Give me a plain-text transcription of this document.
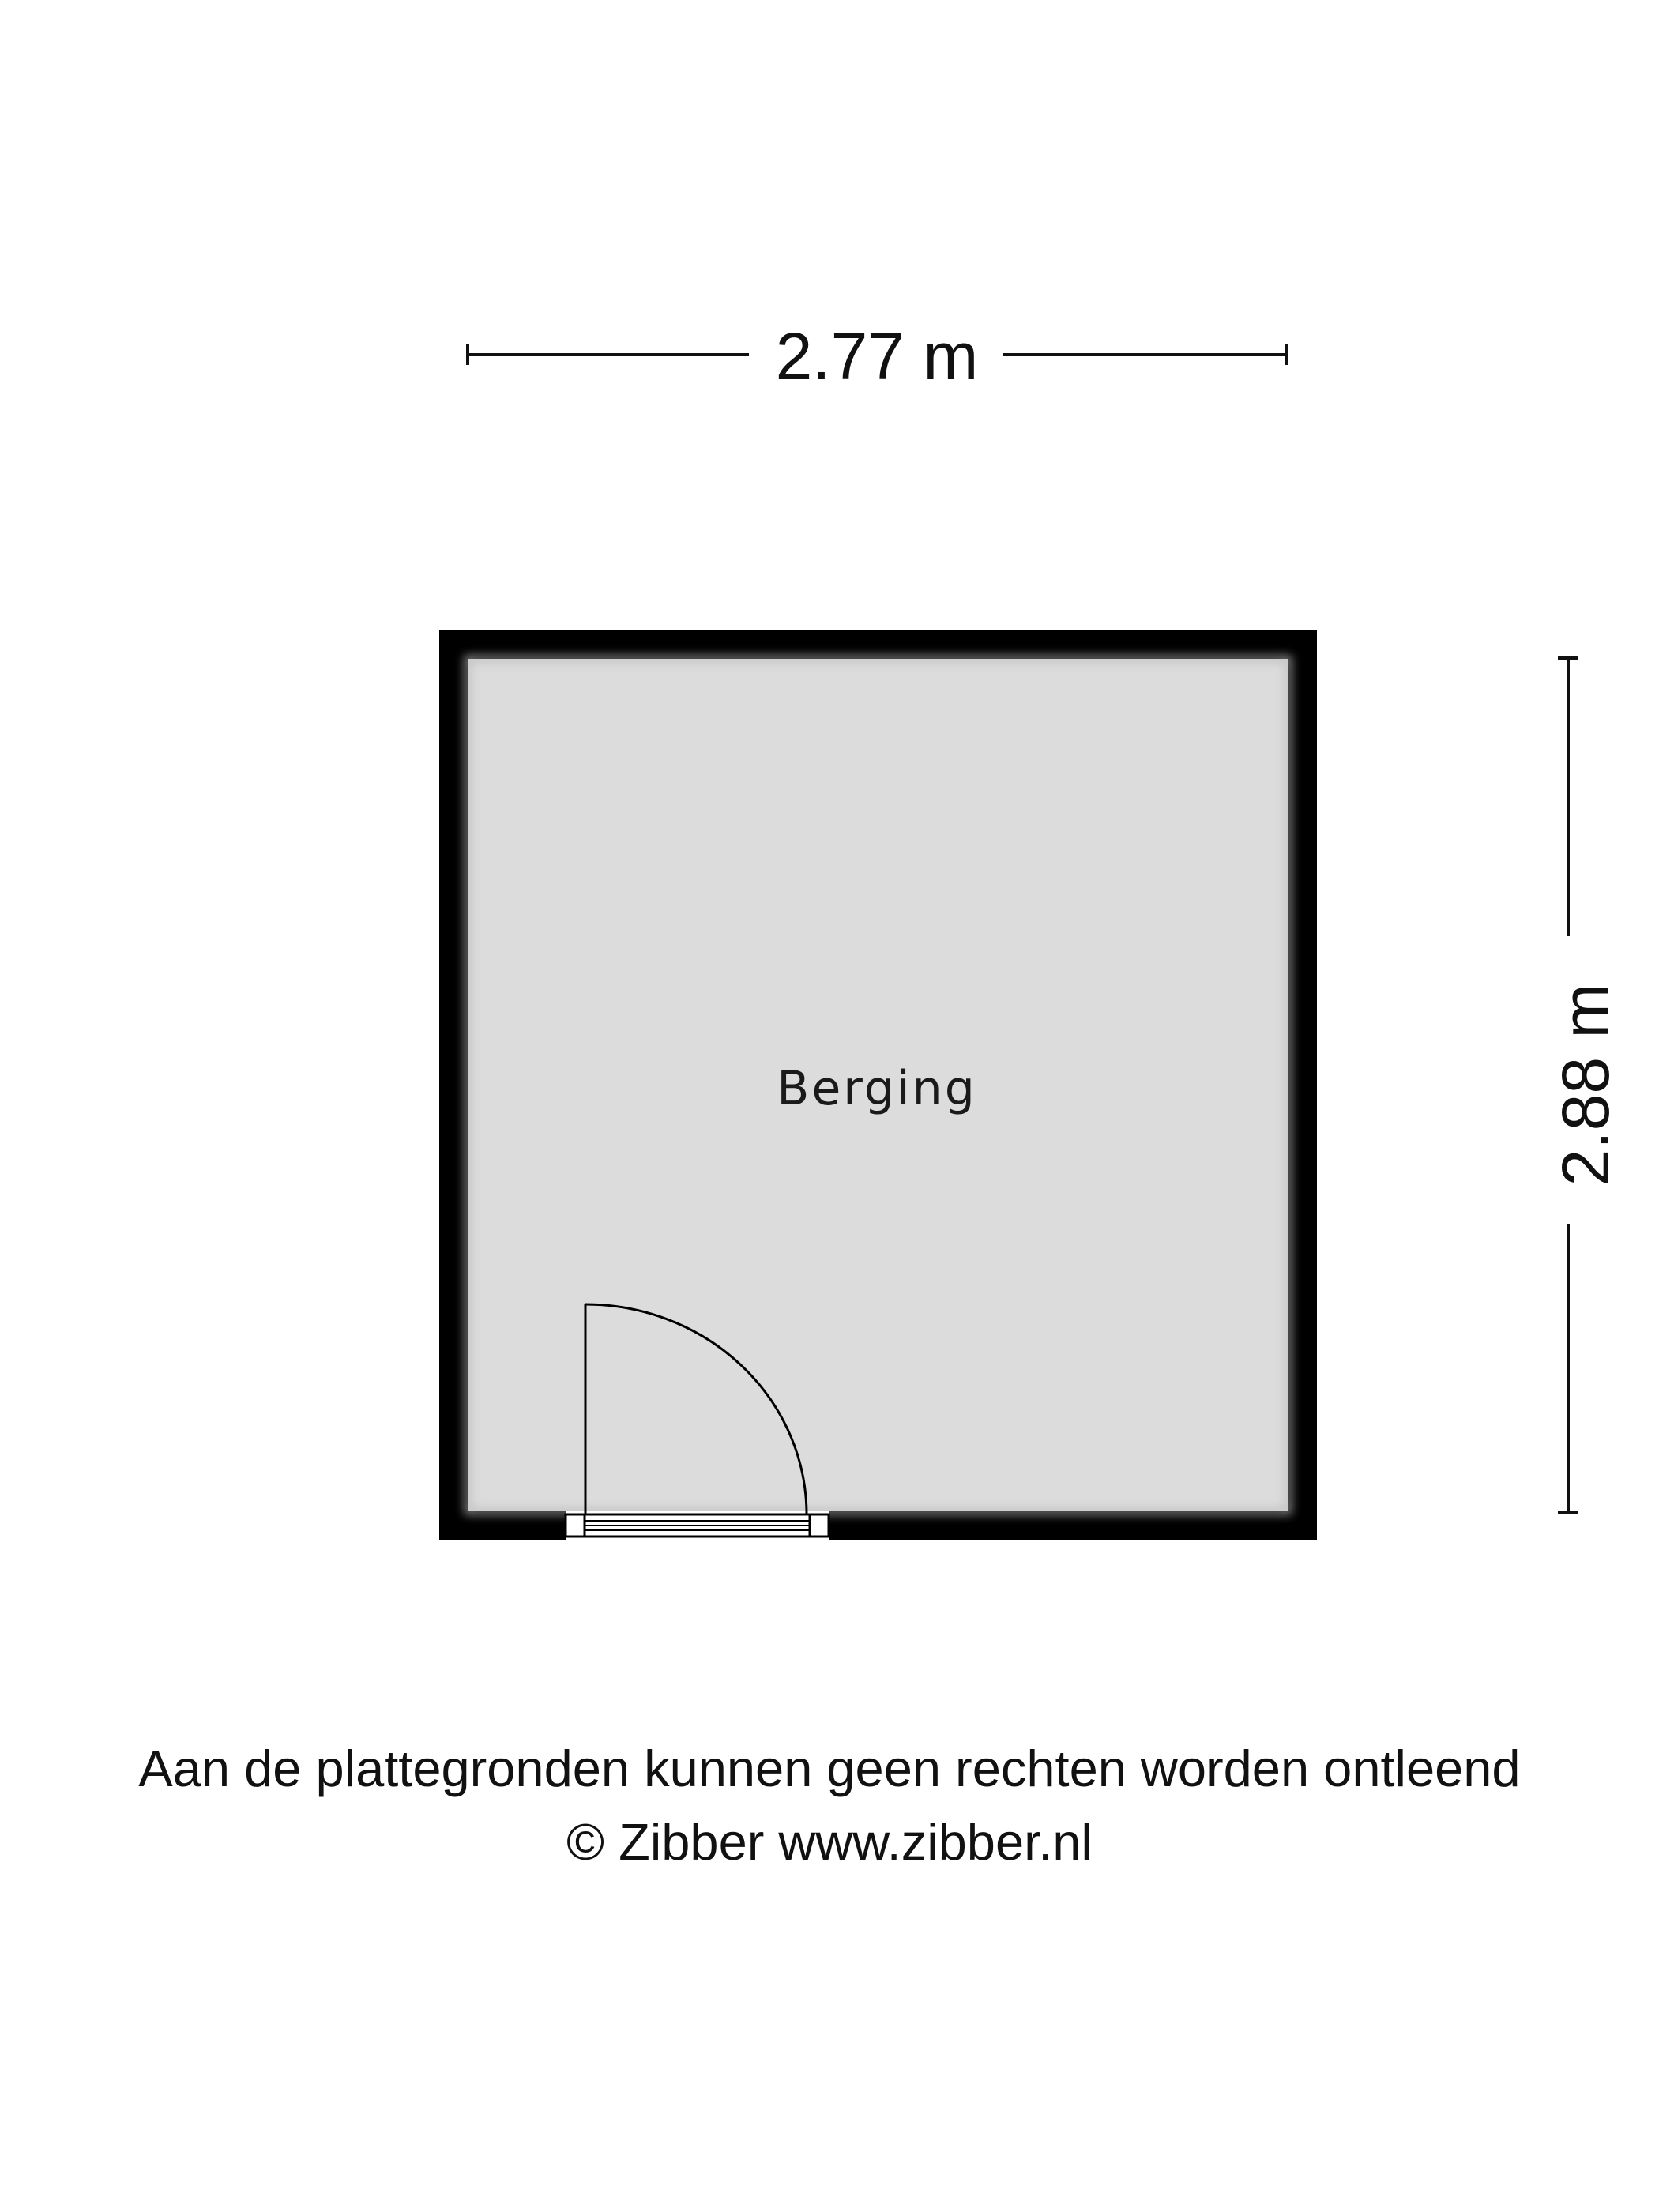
2.77 m
2.88 m
Berging
Aan de plattegronden kunnen geen rechten worden ontleend
© Zibber www.zibber.nl
